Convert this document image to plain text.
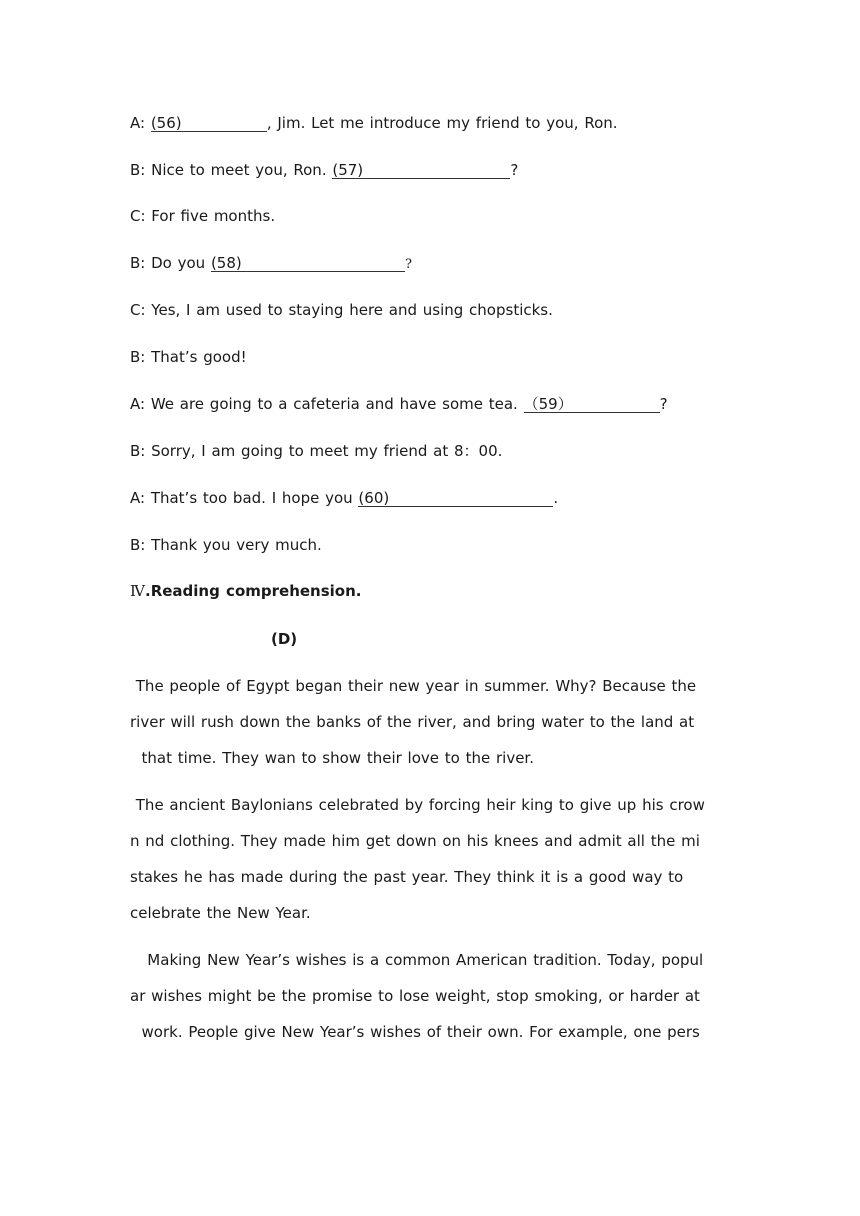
A: (56)	, Jim. Let me introduce my friend to you, Ron.
B: Nice to meet you, Ron. (57)	?
C: For five months.
B: Do you (58)	?
C: Yes, I am used to staying here and using chopsticks.
B: That’s good!
A: We are going to a cafeteria and have some tea. （59）	?
B: Sorry, I am going to meet my friend at 8：00.
A: That’s too bad. I hope you (60)	.
B: Thank you very much.
Ⅳ.Reading comprehension.
(D)
The people of Egypt began their new year in summer. Why? Because the
river will rush down the banks of the river, and bring water to the land at
that time. They wan to show their love to the river.
The ancient Baylonians celebrated by forcing heir king to give up his crow
n nd clothing. They made him get down on his knees and admit all the mi
stakes he has made during the past year. They think it is a good way to
celebrate the New Year.
Making New Year’s wishes is a common American tradition. Today, popul
ar wishes might be the promise to lose weight, stop smoking, or harder at
work. People give New Year’s wishes of their own. For example, one pers
